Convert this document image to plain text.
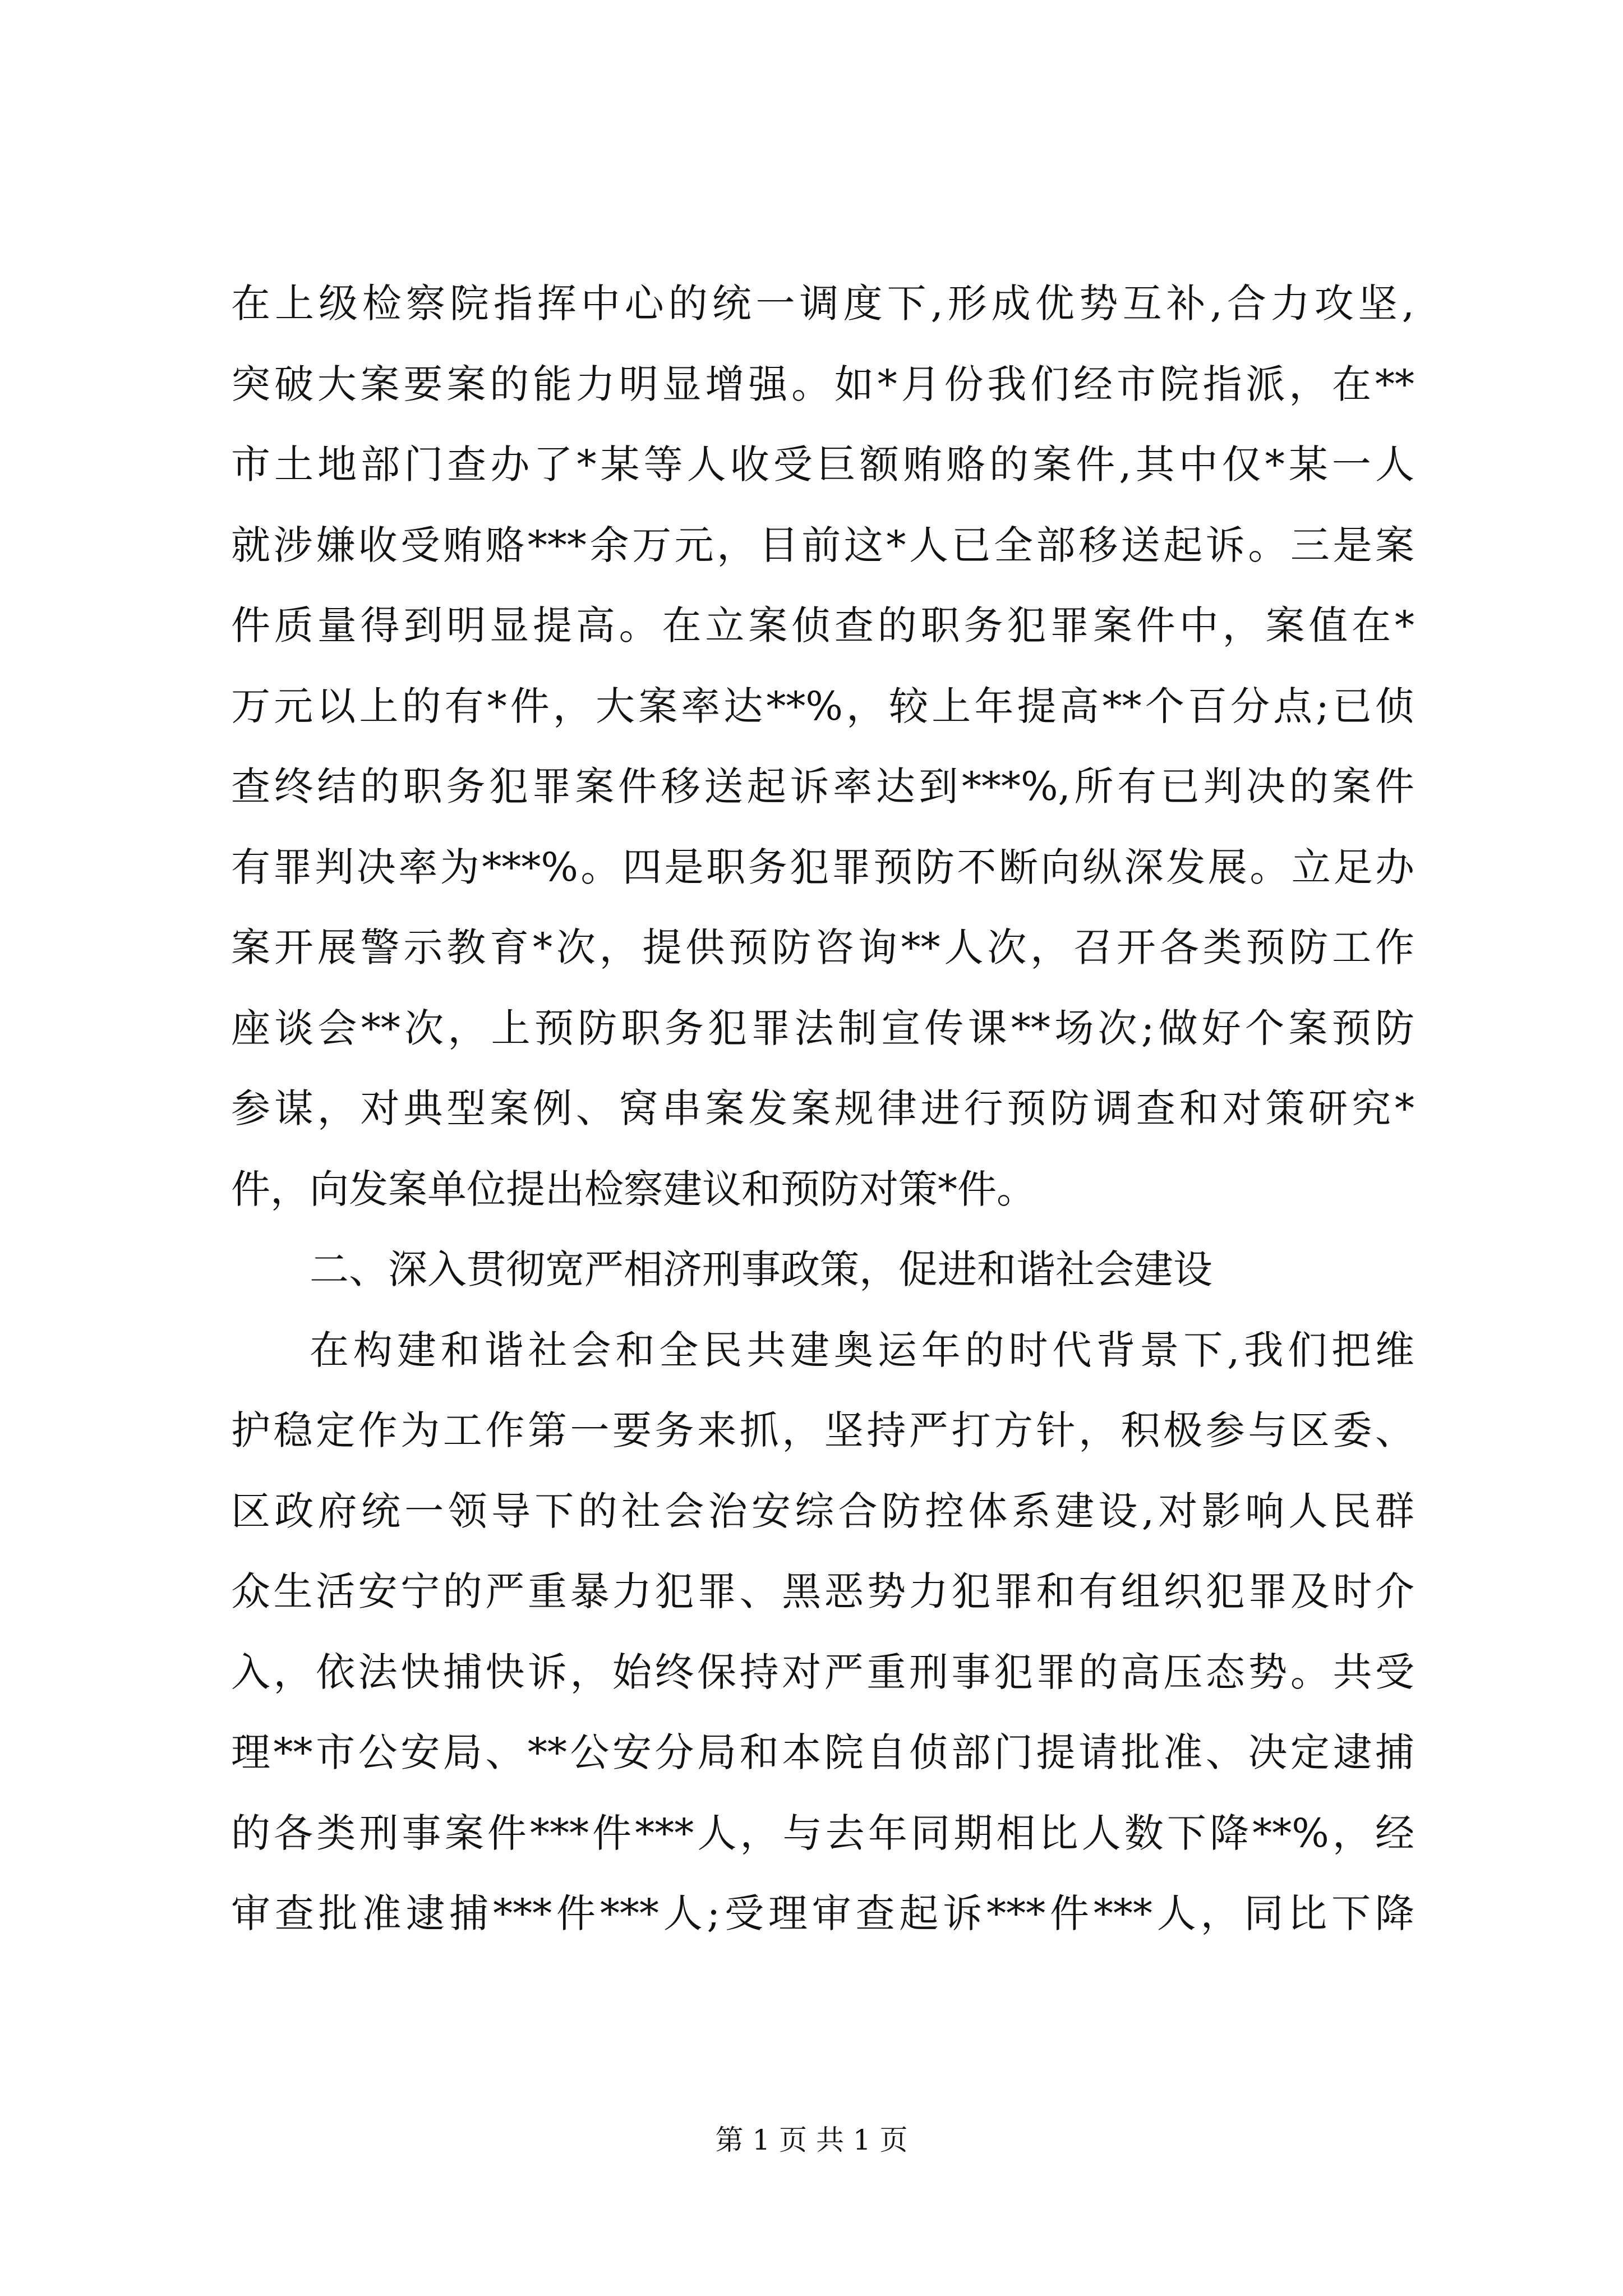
在上级检察院指挥中心的统一调度下,形成优势互补,合力攻坚,
突破大案要案的能力明显增强。如*月份我们经市院指派，在**
市土地部门查办了*某等人收受巨额贿赂的案件,其中仅*某一人
就涉嫌收受贿赂***余万元，目前这*人已全部移送起诉。三是案
件质量得到明显提高。在立案侦查的职务犯罪案件中，案值在*
万元以上的有*件，大案率达**%，较上年提高**个百分点;已侦
查终结的职务犯罪案件移送起诉率达到***%,所有已判决的案件
有罪判决率为***%。四是职务犯罪预防不断向纵深发展。立足办
案开展警示教育*次，提供预防咨询**人次，召开各类预防工作
座谈会**次，上预防职务犯罪法制宣传课**场次;做好个案预防
参谋，对典型案例、窝串案发案规律进行预防调查和对策研究*
件，向发案单位提出检察建议和预防对策*件。
二、深入贯彻宽严相济刑事政策，促进和谐社会建设
在构建和谐社会和全民共建奥运年的时代背景下,我们把维
护稳定作为工作第一要务来抓，坚持严打方针，积极参与区委、
区政府统一领导下的社会治安综合防控体系建设,对影响人民群
众生活安宁的严重暴力犯罪、黑恶势力犯罪和有组织犯罪及时介
入，依法快捕快诉，始终保持对严重刑事犯罪的高压态势。共受
理**市公安局、**公安分局和本院自侦部门提请批准、决定逮捕
的各类刑事案件***件***人，与去年同期相比人数下降**%，经
审查批准逮捕***件***人;受理审查起诉***件***人，同比下降
第 1 页 共 1 页
